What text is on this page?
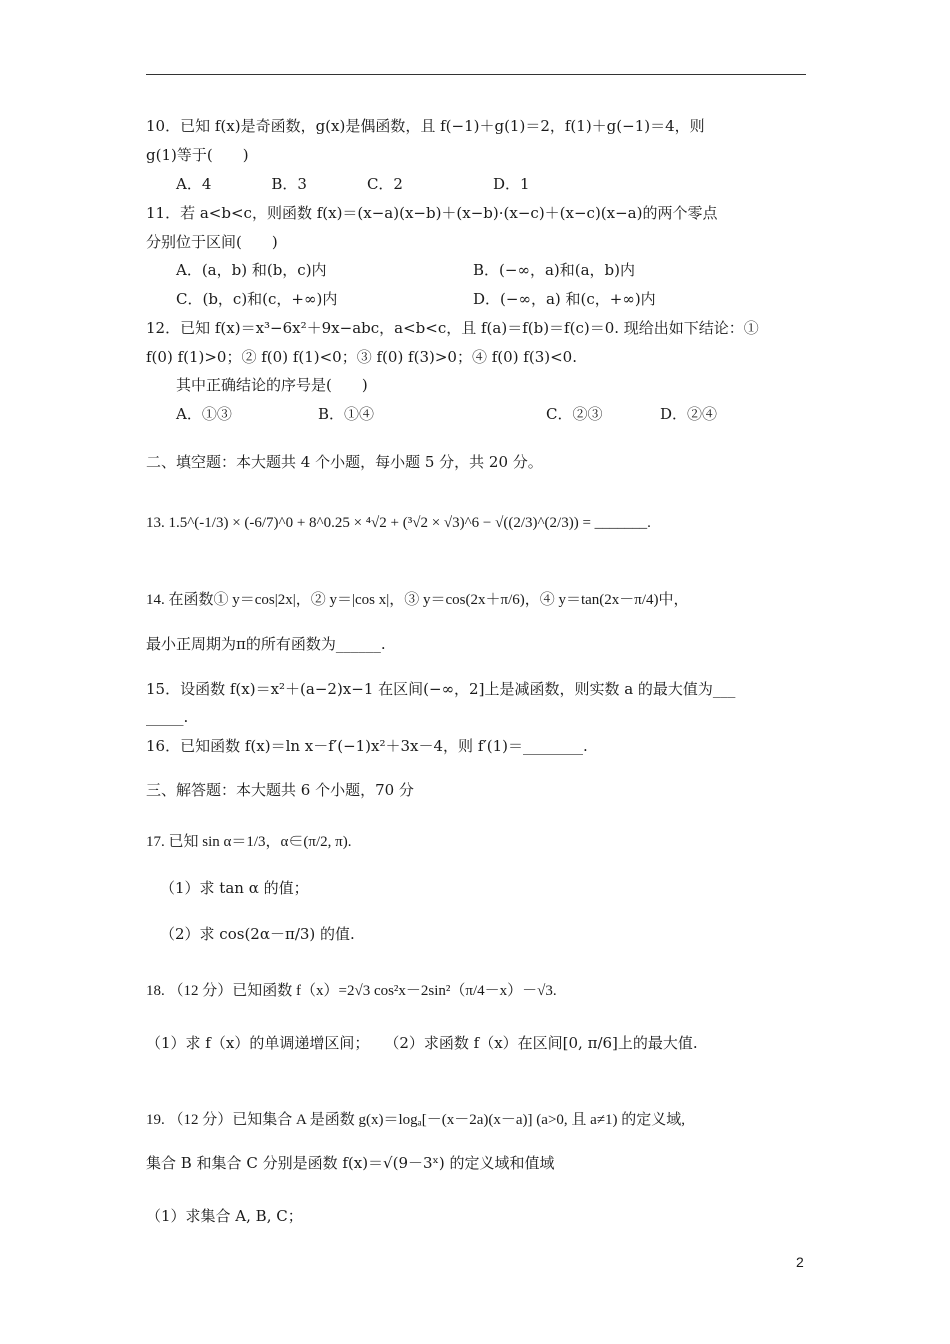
10．已知 f(x)是奇函数，g(x)是偶函数，且 f(−1)＋g(1)＝2，f(1)＋g(−1)＝4，则
g(1)等于(　　)
A．4　　　　B．3　　　　C．2　　　　　　D．1
11．若 a<b<c，则函数 f(x)＝(x−a)(x−b)＋(x−b)·(x−c)＋(x−c)(x−a)的两个零点
分别位于区间(　　)
A．(a，b) 和(b，c)内	B．(−∞，a)和(a，b)内
C．(b，c)和(c，+∞)内	D．(−∞，a) 和(c，+∞)内
12．已知 f(x)＝x³−6x²＋9x−abc，a<b<c，且 f(a)＝f(b)＝f(c)＝0. 现给出如下结论：①
f(0) f(1)>0；② f(0) f(1)<0；③ f(0) f(3)>0；④ f(0) f(3)<0.
其中正确结论的序号是(　　)
A．①③	B．①④	C．②③	D．②④
二、填空题：本大题共 4 个小题，每小题 5 分，共 20 分。
13. 1.5^(-1/3) × (-6/7)^0 + 8^0.25 × ⁴√2 + (³√2 × √3)^6 − √((2/3)^(2/3)) = _______.
14. 在函数① y＝cos|2x|，② y＝|cos x|，③ y＝cos(2x＋π/6)，④ y＝tan(2x－π/4)中，
最小正周期为π的所有函数为______.
15．设函数 f(x)＝x²＋(a−2)x−1 在区间(−∞，2]上是减函数，则实数 a 的最大值为___
_____.
16．已知函数 f(x)＝ln x－f′(−1)x²＋3x－4，则 f′(1)＝________.
三、解答题：本大题共 6 个小题，70 分
17. 已知 sin α＝1/3，α∈(π/2, π).
（1）求 tan α 的值；
（2）求 cos(2α－π/3) 的值.
18. （12 分）已知函数 f（x）=2√3 cos²x－2sin²（π/4－x）－√3.
（1）求 f（x）的单调递增区间；　　（2）求函数 f（x）在区间[0, π/6]上的最大值.
19. （12 分）已知集合 A 是函数 g(x)＝logₐ[－(x－2a)(x－a)] (a>0, 且 a≠1) 的定义域,
集合 B 和集合 C 分别是函数 f(x)＝√(9－3ˣ) 的定义域和值域
（1）求集合 A, B, C；
2
